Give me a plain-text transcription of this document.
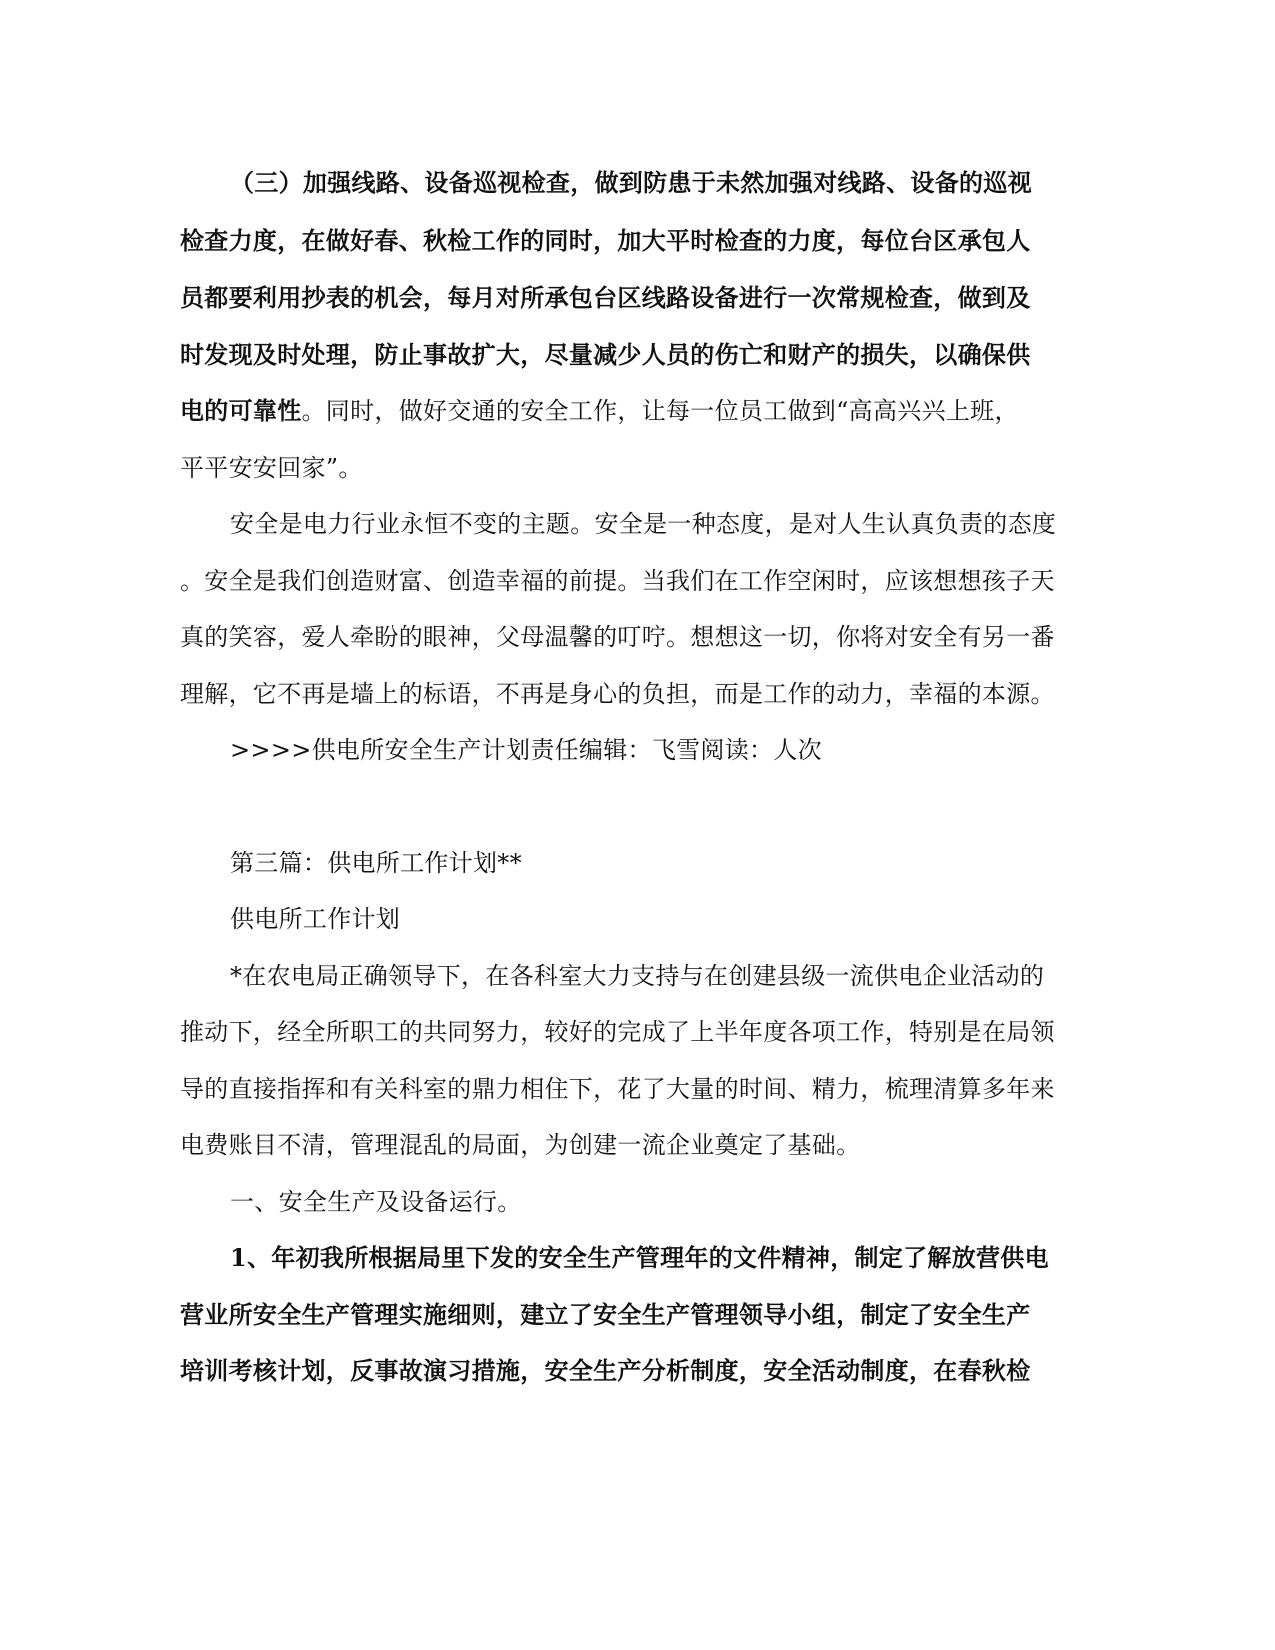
（三）加强线路、设备巡视检查，做到防患于未然加强对线路、设备的巡视
检查力度，在做好春、秋检工作的同时，加大平时检查的力度，每位台区承包人
员都要利用抄表的机会，每月对所承包台区线路设备进行一次常规检查，做到及
时发现及时处理，防止事故扩大，尽量减少人员的伤亡和财产的损失，以确保供
电的可靠性。同时，做好交通的安全工作，让每一位员工做到“高高兴兴上班，
平平安安回家”。
安全是电力行业永恒不变的主题。安全是一种态度，是对人生认真负责的态度
。安全是我们创造财富、创造幸福的前提。当我们在工作空闲时，应该想想孩子天
真的笑容，爱人牵盼的眼神，父母温馨的叮咛。想想这一切，你将对安全有另一番
理解，它不再是墙上的标语，不再是身心的负担，而是工作的动力，幸福的本源。
>>>>供电所安全生产计划责任编辑：飞雪阅读：人次
第三篇：供电所工作计划**
供电所工作计划
*在农电局正确领导下，在各科室大力支持与在创建县级一流供电企业活动的
推动下，经全所职工的共同努力，较好的完成了上半年度各项工作，特别是在局领
导的直接指挥和有关科室的鼎力相住下，花了大量的时间、精力，梳理清算多年来
电费账目不清，管理混乱的局面，为创建一流企业奠定了基础。
一、安全生产及设备运行。
1、年初我所根据局里下发的安全生产管理年的文件精神，制定了解放营供电
营业所安全生产管理实施细则，建立了安全生产管理领导小组，制定了安全生产
培训考核计划，反事故演习措施，安全生产分析制度，安全活动制度，在春秋检
